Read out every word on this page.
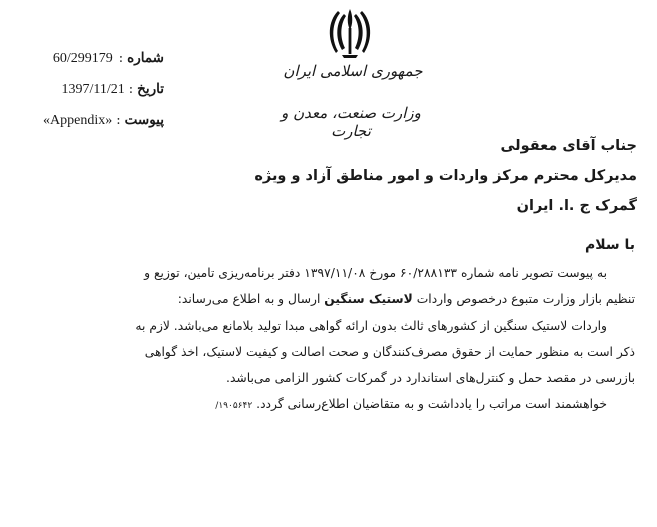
شماره
:
60/299179
تاریخ
:
1397/11/21
پیوست
:
«Appendix»
جمهوری اسلامی ایران
وزارت صنعت، معدن و تجارت
جناب آقای معقولی
مدیرکل محترم مرکز واردات و امور مناطق آزاد و ویژه
گمرک ج .ا. ایران
با سلام
به پیوست تصویر نامه شماره ۶۰/۲۸۸۱۳۳ مورخ ۱۳۹۷/۱۱/۰۸ دفتر برنامه‌ریزی تامین، توزیع و
تنظیم بازار وزارت متبوع درخصوص واردات لاستیک سنگین ارسال و به اطلاع می‌رساند:
واردات لاستیک سنگین از کشورهای ثالث بدون ارائه گواهی مبدا تولید بلامانع می‌باشد. لازم به
ذکر است به منظور حمایت از حقوق مصرف‌کنندگان و صحت اصالت و کیفیت لاستیک، اخذ گواهی
بازرسی در مقصد حمل و کنترل‌های استاندارد در گمرکات کشور الزامی می‌باشد.
خواهشمند است مراتب را یادداشت و به متقاضیان اطلاع‌رسانی گردد.۱۹۰۵۶۴۲/
